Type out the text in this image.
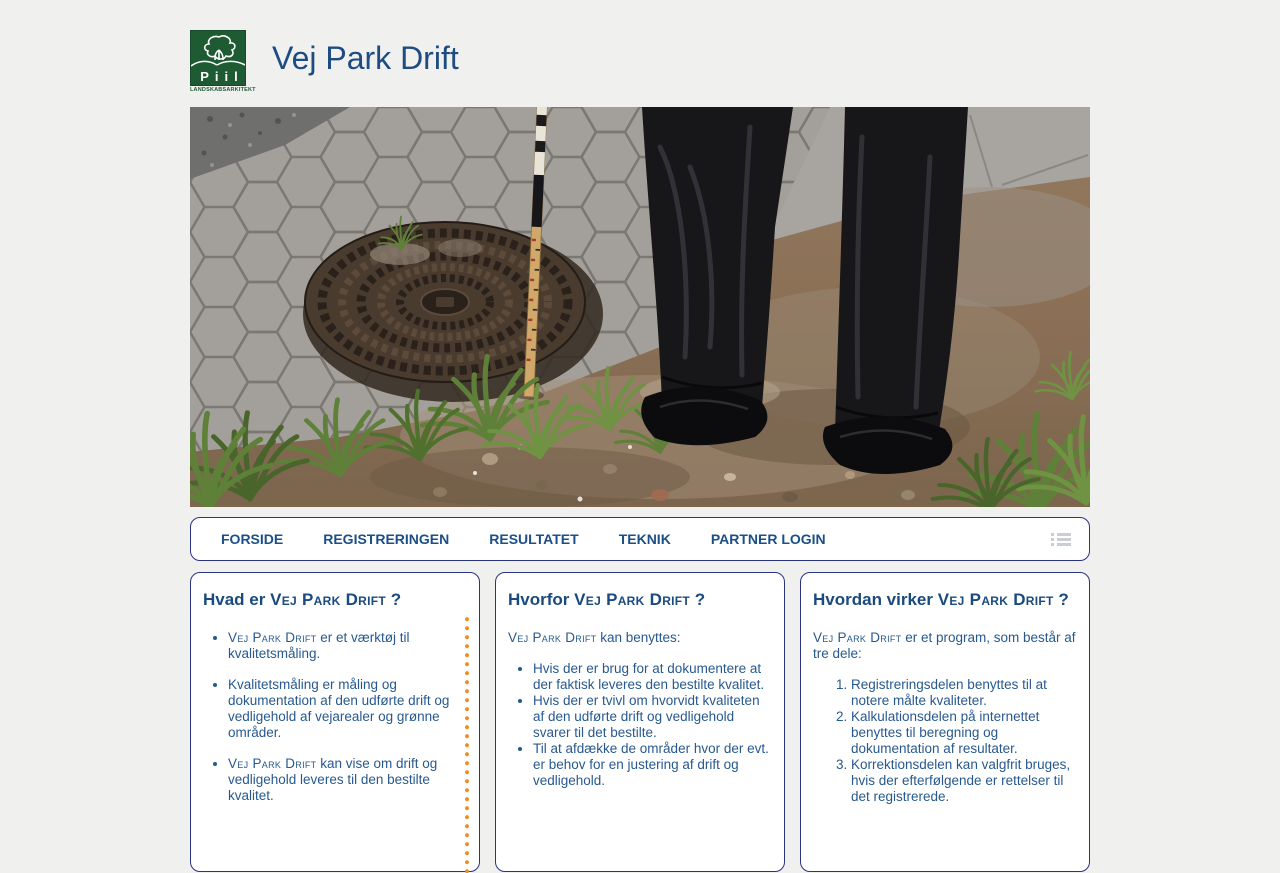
Piil
LANDSKABSARKITEKT
Vej Park Drift
FORSIDE	REGISTRERINGEN	RESULTATET	TEKNIK	PARTNER LOGIN
Hvad er Vej Park Drift ?
• Vej Park Drift er et værktøj til kvalitetsmåling.
• Kvalitetsmåling er måling og dokumentation af den udførte drift og vedligehold af vejarealer og grønne områder.
• Vej Park Drift kan vise om drift og vedligehold leveres til den bestilte kvalitet.
Hvorfor Vej Park Drift ?

Vej Park Drift kan benyttes:

• Hvis der er brug for at dokumentere at der faktisk leveres den bestilte kvalitet.
• Hvis der er tvivl om hvorvidt kvaliteten af den udførte drift og vedligehold svarer til det bestilte.
• Til at afdække de områder hvor der evt. er behov for en justering af drift og vedligehold.
Hvordan virker Vej Park Drift ?

Vej Park Drift er et program, som består af tre dele:

1. Registreringsdelen benyttes til at notere målte kvaliteter.
2. Kalkulationsdelen på internettet benyttes til beregning og dokumentation af resultater.
3. Korrektionsdelen kan valgfrit bruges, hvis der efterfølgende er rettelser til det registrerede.
